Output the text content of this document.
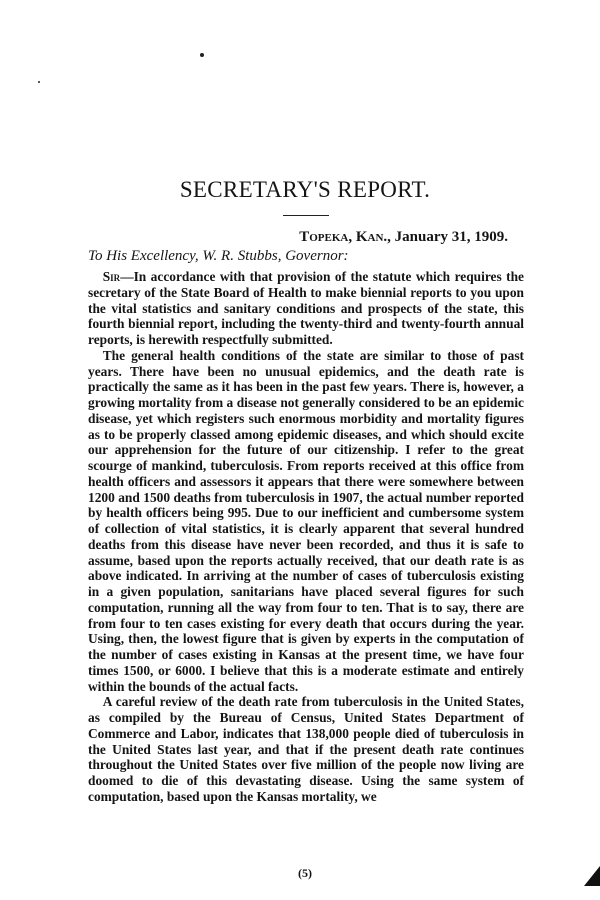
SECRETARY'S REPORT.
Topeka, Kan., January 31, 1909.
To His Excellency, W. R. Stubbs, Governor:

Sir—In accordance with that provision of the statute which requires the secretary of the State Board of Health to make biennial reports to you upon the vital statistics and sanitary conditions and prospects of the state, this fourth biennial report, including the twenty-third and twenty-fourth annual reports, is herewith respectfully submitted.

The general health conditions of the state are similar to those of past years. There have been no unusual epidemics, and the death rate is practically the same as it has been in the past few years. There is, however, a growing mortality from a disease not generally considered to be an epidemic disease, yet which registers such enormous morbidity and mortality figures as to be properly classed among epidemic diseases, and which should excite our apprehension for the future of our citizenship. I refer to the great scourge of mankind, tuberculosis. From reports received at this office from health officers and assessors it appears that there were somewhere between 1200 and 1500 deaths from tuberculosis in 1907, the actual number reported by health officers being 995. Due to our inefficient and cumbersome system of collection of vital statistics, it is clearly apparent that several hundred deaths from this disease have never been recorded, and thus it is safe to assume, based upon the reports actually received, that our death rate is as above indicated. In arriving at the number of cases of tuberculosis existing in a given population, sanitarians have placed several figures for such computation, running all the way from four to ten. That is to say, there are from four to ten cases existing for every death that occurs during the year. Using, then, the lowest figure that is given by experts in the computation of the number of cases existing in Kansas at the present time, we have four times 1500, or 6000. I believe that this is a moderate estimate and entirely within the bounds of the actual facts.

A careful review of the death rate from tuberculosis in the United States, as compiled by the Bureau of Census, United States Department of Commerce and Labor, indicates that 138,000 people died of tuberculosis in the United States last year, and that if the present death rate continues throughout the United States over five million of the people now living are doomed to die of this devastating disease. Using the same system of computation, based upon the Kansas mortality, we

(5)
